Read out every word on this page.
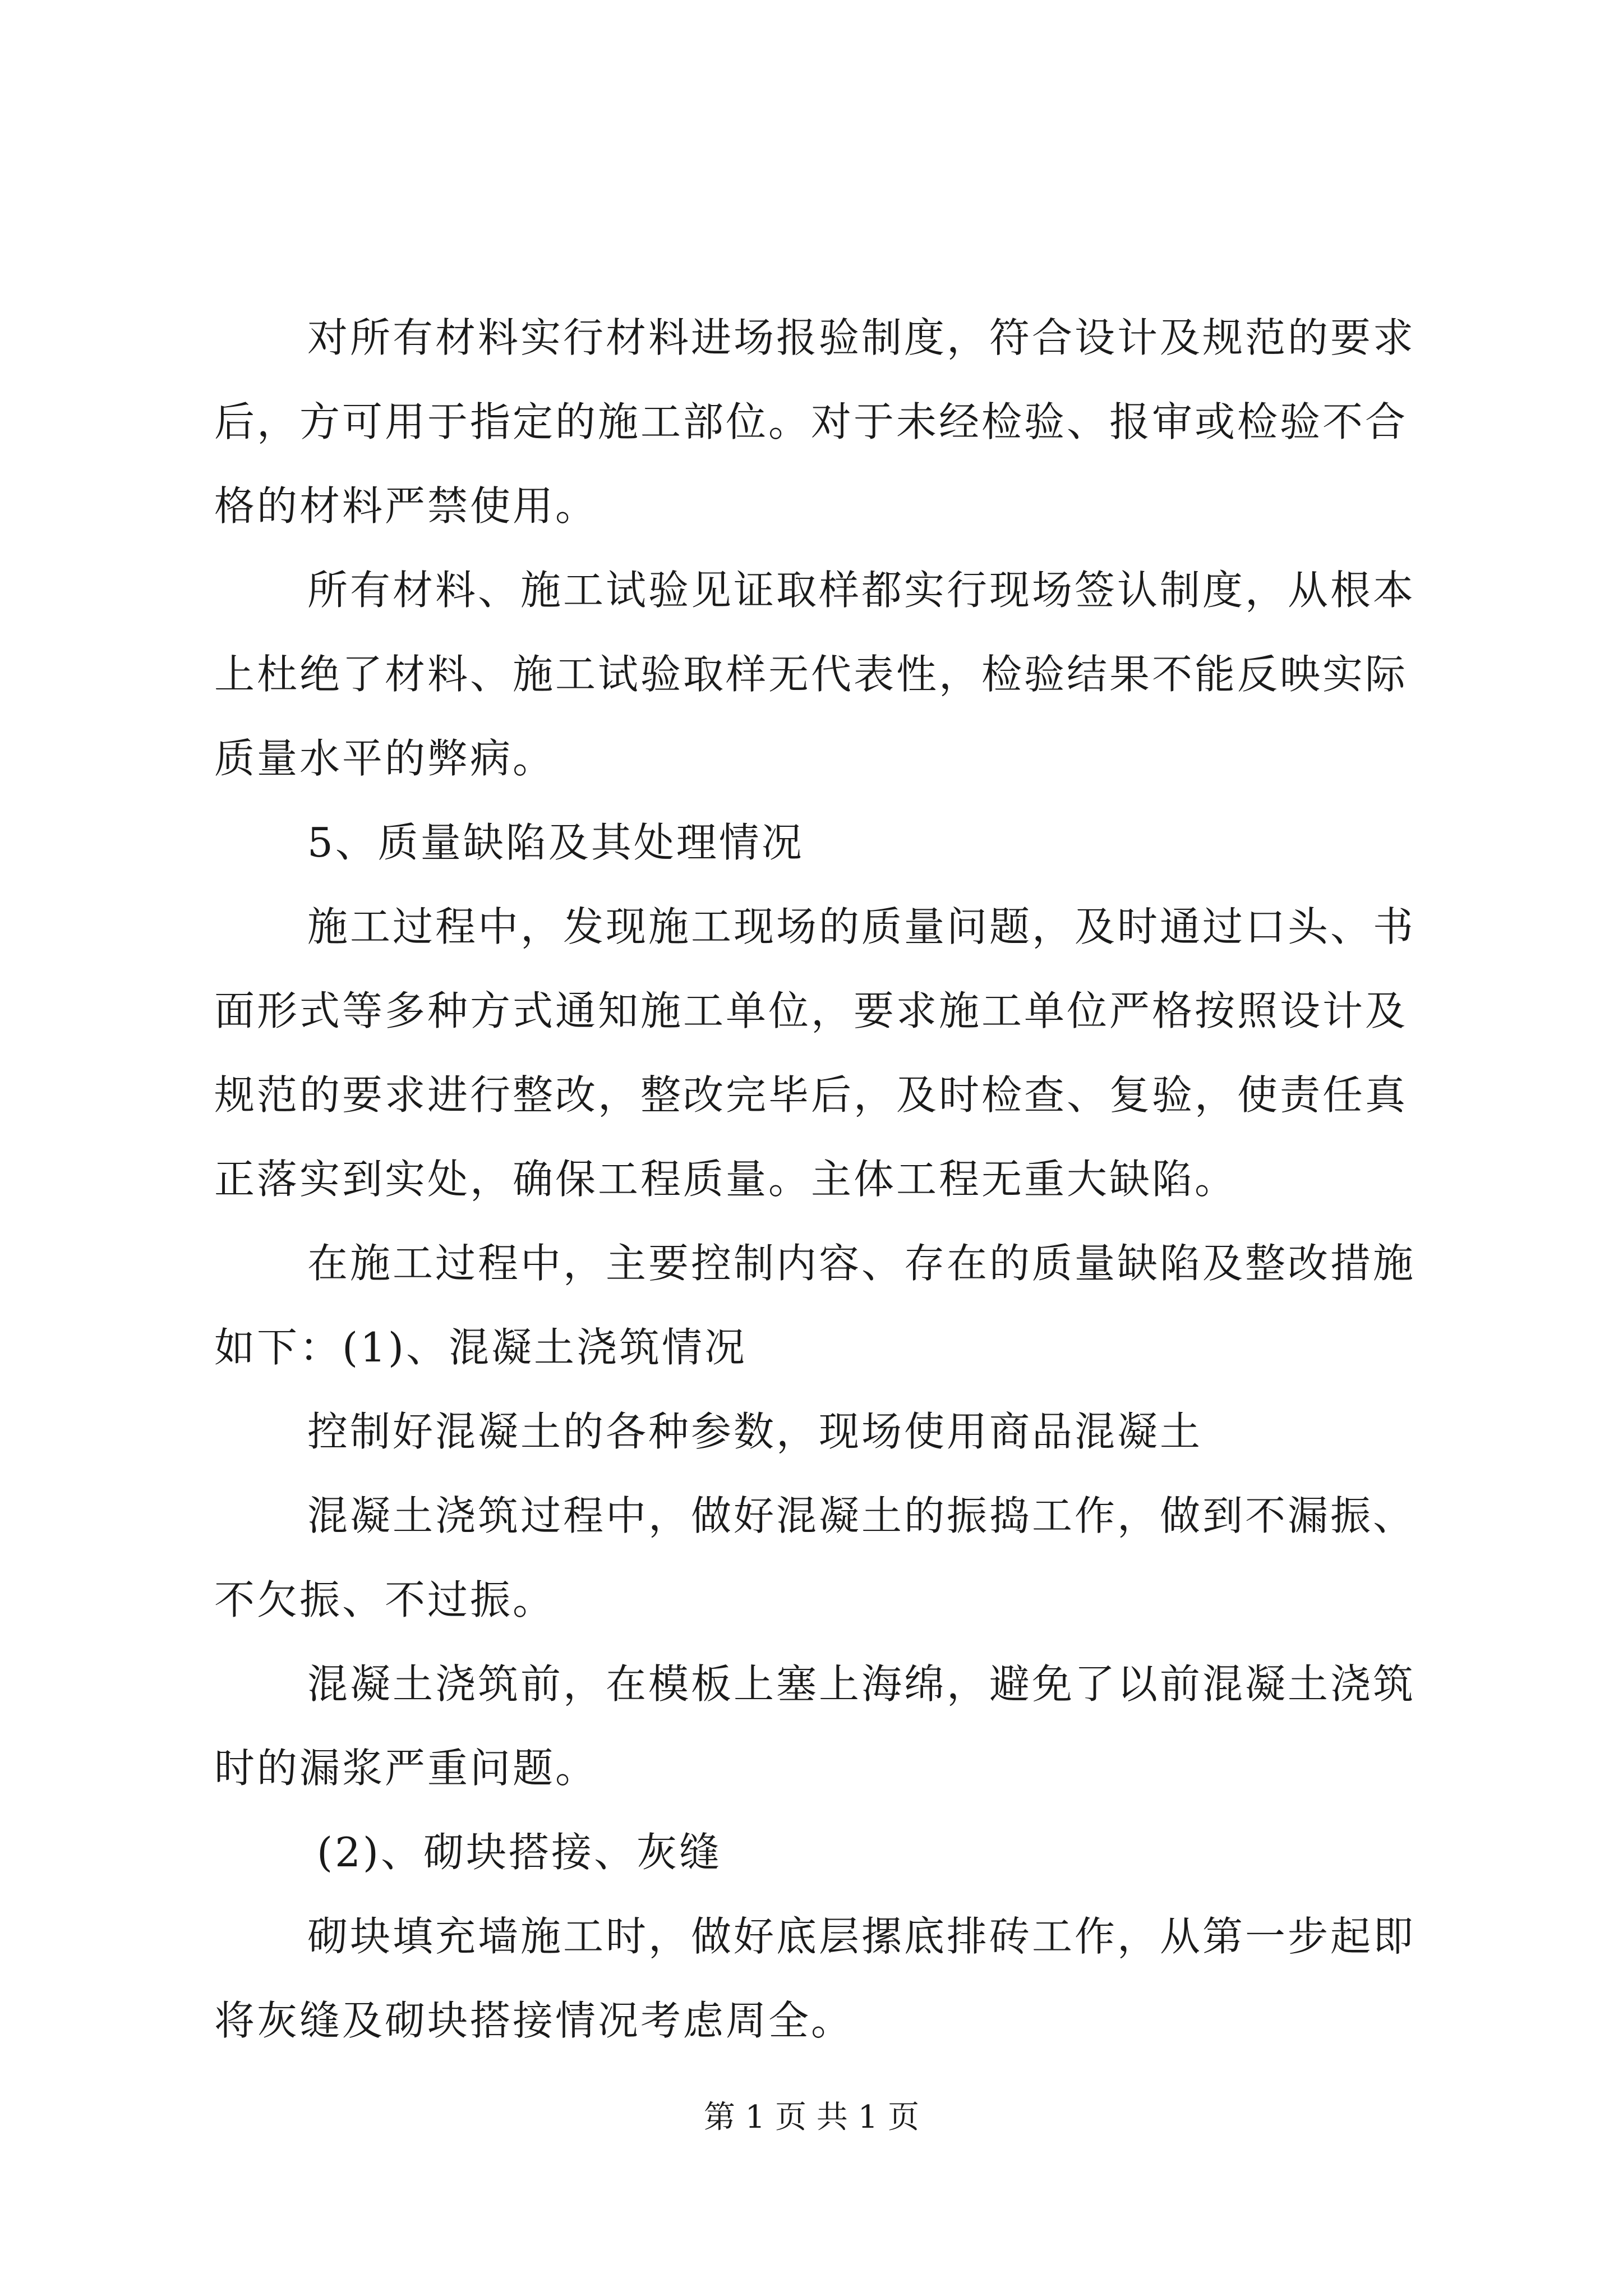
对所有材料实行材料进场报验制度，符合设计及规范的要求
后，方可用于指定的施工部位。对于未经检验、报审或检验不合
格的材料严禁使用。
所有材料、施工试验见证取样都实行现场签认制度，从根本
上杜绝了材料、施工试验取样无代表性，检验结果不能反映实际
质量水平的弊病。
5、质量缺陷及其处理情况
施工过程中，发现施工现场的质量问题，及时通过口头、书
面形式等多种方式通知施工单位，要求施工单位严格按照设计及
规范的要求进行整改，整改完毕后，及时检查、复验，使责任真
正落实到实处，确保工程质量。主体工程无重大缺陷。
在施工过程中，主要控制内容、存在的质量缺陷及整改措施
如下：(1)、混凝土浇筑情况
控制好混凝土的各种参数，现场使用商品混凝土
混凝土浇筑过程中，做好混凝土的振捣工作，做到不漏振、
不欠振、不过振。
混凝土浇筑前，在模板上塞上海绵，避免了以前混凝土浇筑
时的漏浆严重问题。
(2)、砌块搭接、灰缝
砌块填充墙施工时，做好底层摞底排砖工作，从第一步起即
将灰缝及砌块搭接情况考虑周全。
第 1 页 共 1 页
